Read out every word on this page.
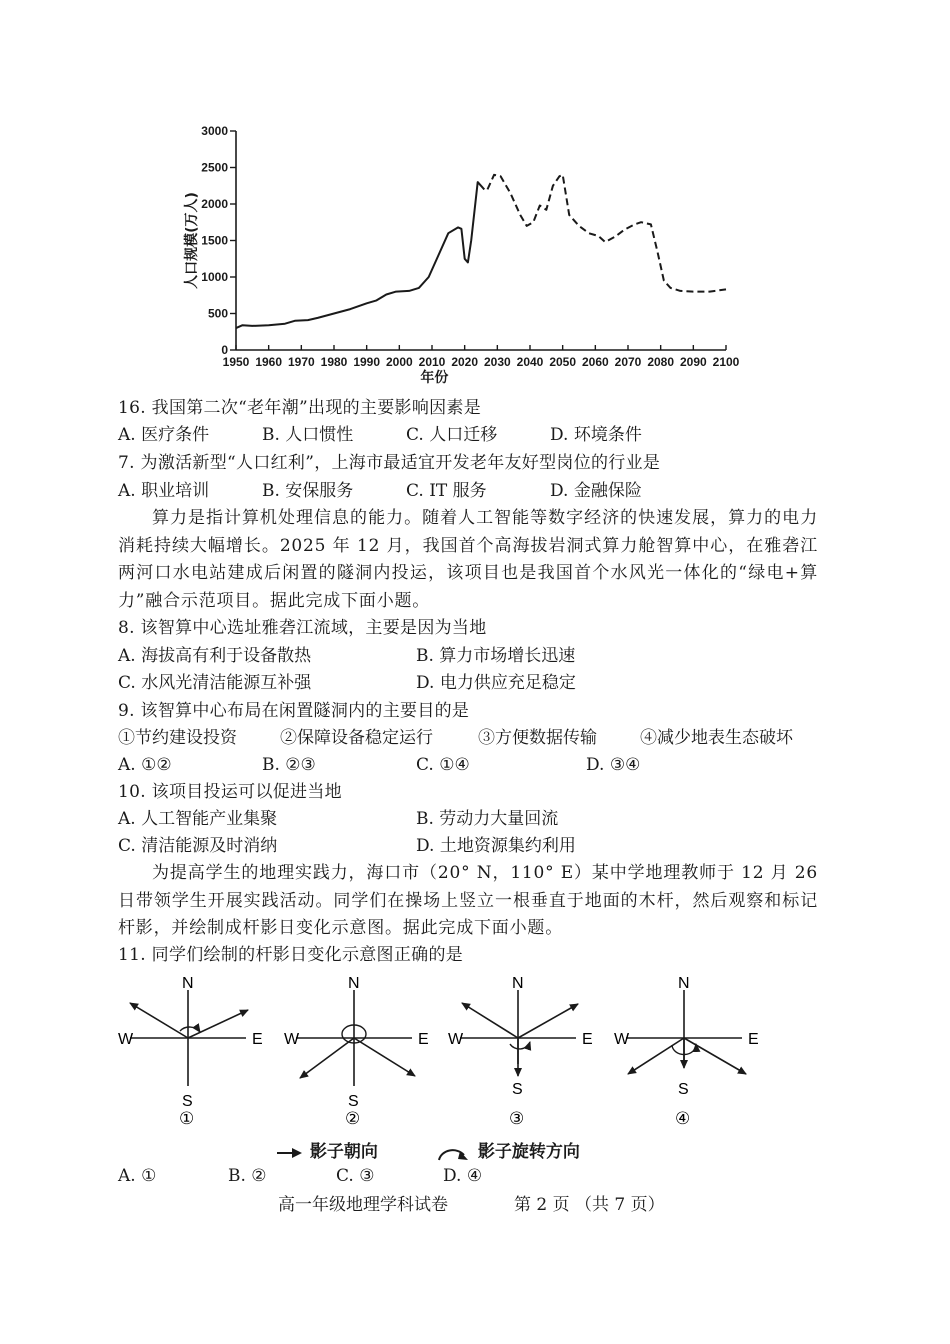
0
500
1000
1500
2000
2500
3000
1950 1960 1970 1980 1990 2000 2010 2020 2030 2040 2050 2060 2070 2080 2090 2100
人口规模(万人)
年份
16. 我国第二次“老年潮”出现的主要影响因素是
A. 医疗条件	B. 人口惯性	C. 人口迁移	D. 环境条件
7. 为激活新型“人口红利”，上海市最适宜开发老年友好型岗位的行业是
A. 职业培训	B. 安保服务	C. IT 服务	D. 金融保险

算力是指计算机处理信息的能力。随着人工智能等数字经济的快速发展，算力的电力消耗持续大幅增长。2025 年 12 月，我国首个高海拔岩洞式算力舱智算中心，在雅砻江两河口水电站建成后闲置的隧洞内投运，该项目也是我国首个水风光一体化的“绿电+算力”融合示范项目。据此完成下面小题。

8. 该智算中心选址雅砻江流域，主要是因为当地
A. 海拔高有利于设备散热	B. 算力市场增长迅速
C. 水风光清洁能源互补强	D. 电力供应充足稳定
9. 该智算中心布局在闲置隧洞内的主要目的是
①节约建设投资	②保障设备稳定运行	③方便数据传输	④减少地表生态破坏
A. ①②	B. ②③	C. ①④	D. ③④
10. 该项目投运可以促进当地
A. 人工智能产业集聚	B. 劳动力大量回流
C. 清洁能源及时消纳	D. 土地资源集约利用

为提高学生的地理实践力，海口市（20° N，110° E）某中学地理教师于 12 月 26 日带领学生开展实践活动。同学们在操场上竖立一根垂直于地面的木杆，然后观察和标记杆影，并绘制成杆影日变化示意图。据此完成下面小题。

11. 同学们绘制的杆影日变化示意图正确的是
N
W	E
S
①
N
W	E
S
②
N
W	E
S
③
N
W	E
S
④
影子朝向	影子旋转方向
A. ①	B. ②	C. ③	D. ④
高一年级地理学科试卷	第 2 页 （共 7 页）
